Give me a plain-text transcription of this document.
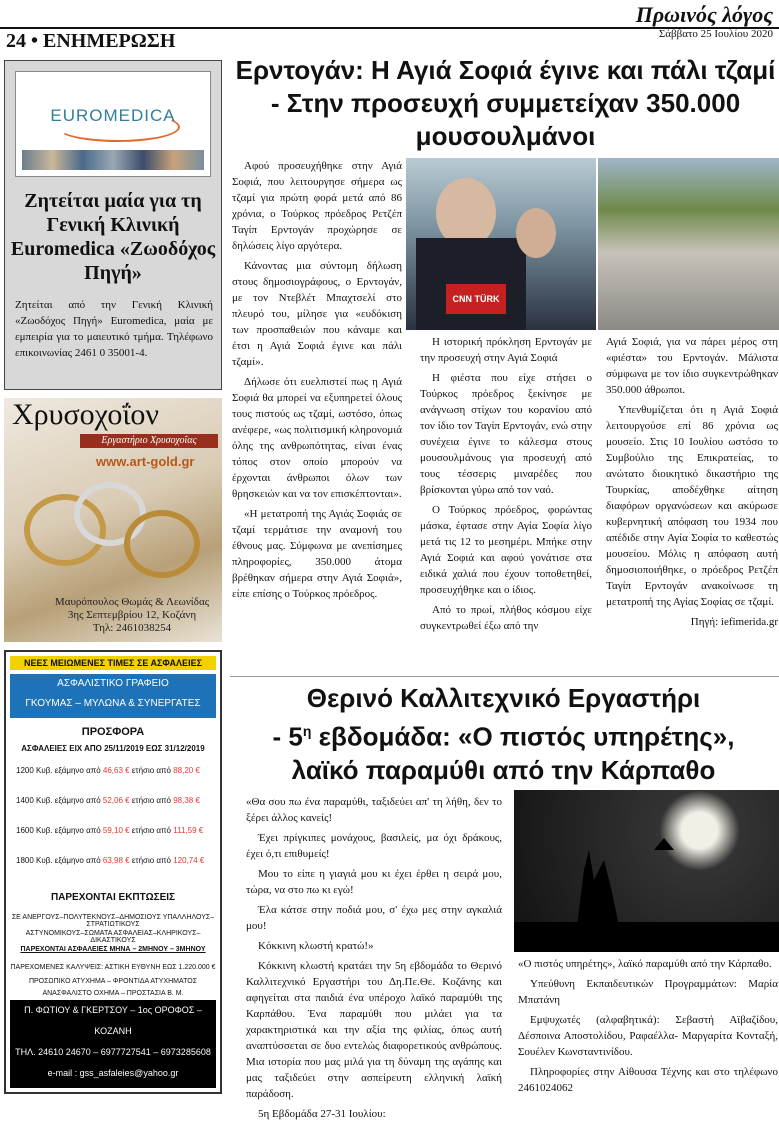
Πρωινός λόγος
Σάββατο 25 Ιουλίου 2020
24 • ΕΝΗΜΕΡΩΣΗ
EUROMEDICA
Ζητείται μαία για τη Γενική Κλινική Euromedica «Ζωοδόχος Πηγή»

Ζητείται από την Γενική Κλινική «Ζωοδόχος Πηγή» Euromedica, μαία με εμπειρία για το μαιευτικό τμήμα. Τηλέφωνο επικοινωνίας 2461 0 35001-4.

Χρυσοχοΐον
Εργαστήριο Χρυσοχοΐας
www.art-gold.gr
Μαυρόπουλος Θωμάς & Λεωνίδας
3ης Σεπτεμβρίου 12, Κοζάνη
Τηλ: 2461038254
ΝΕΕΣ ΜΕΙΩΜΕΝΕΣ ΤΙΜΕΣ ΣΕ ΑΣΦΑΛΕΙΕΣ
ΑΣΦΑΛΙΣΤΙΚΟ ΓΡΑΦΕΙΟ
ΓΚΟΥΜΑΣ – ΜΥΛΩΝΑ & ΣΥΝΕΡΓΑΤΕΣ
ΠΡΟΣΦΟΡΑ
ΑΣΦΑΛΕΙΕΣ ΕΙΧ ΑΠΟ 25/11/2019 ΕΩΣ 31/12/2019
1200 Κυβ. εξάμηνο από 46,63 € ετήσιο από 88,20 €
1400 Κυβ. εξάμηνο από 52,06 € ετήσιο από 98,38 €
1600 Κυβ. εξάμηνο από 59,10 € ετήσιο από 111,59 €
1800 Κυβ. εξάμηνο από 63,98 € ετήσιο από 120,74 €
ΠΑΡΕΧΟΝΤΑΙ ΕΚΠΤΩΣΕΙΣ
ΣΕ ΑΝΕΡΓΟΥΣ–ΠΟΛΥΤΕΚΝΟΥΣ–ΔΗΜΟΣΙΟΥΣ ΥΠΑΛΛΗΛΟΥΣ–ΣΤΡΑΤΙΩΤΙΚΟΥΣ
ΑΣΤΥΝΟΜΙΚΟΥΣ–ΣΩΜΑΤΑ ΑΣΦΑΛΕΙΑΣ–ΚΛΗΡΙΚΟΥΣ–ΔΙΚΑΣΤΙΚΟΥΣ
ΠΑΡΕΧΟΝΤΑΙ ΑΣΦΑΛΕΙΕΣ ΜΗΝΑ – 2ΜΗΝΟΥ – 3ΜΗΝΟΥ
ΠΑΡΕΧΟΜΕΝΕΣ ΚΑΛΥΨΕΙΣ: ΑΣΤΙΚΗ ΕΥΘΥΝΗ ΕΩΣ 1.220.000 €
ΠΡΟΣΩΠΙΚΟ ΑΤΥΧΗΜΑ – ΦΡΟΝΤΙΔΑ ΑΤΥΧΗΜΑΤΟΣ
ΑΝΑΣΦΑΛΙΣΤΟ ΟΧΗΜΑ – ΠΡΟΣΤΑΣΙΑ Β. Μ.
Π. ΦΩΤΙΟΥ & ΓΚΕΡΤΣΟΥ – 1ος ΟΡΟΦΟΣ – ΚΟΖΑΝΗ
ΤΗΛ. 24610 24670 – 6977727541 – 6973285608
e-mail : gss_asfaleies@yahoo.gr
Ερντογάν: Η Αγιά Σοφιά έγινε και πάλι τζαμί - Στην προσευχή συμμετείχαν 350.000 μουσουλμάνοι

Αφού προσευχήθηκε στην Αγιά Σοφιά, που λειτουργησε σήμερα ως τζαμί για πρώτη φορά μετά από 86 χρόνια, ο Τούρκος πρόεδρος Ρετζέπ Ταγίπ Ερντογάν προχώρησε σε δηλώσεις λίγο αργότερα.

Κάνοντας μια σύντομη δήλωση στους δημοσιογράφους, ο Ερντογάν, με τον Ντεβλέτ Μπαχτσελί στο πλευρό του, μίλησε για «ευδόκιση των προσπαθειών που κάναμε και έτσι η Αγιά Σοφιά έγινε και πάλι τζαμί».

Δήλωσε ότι ευελπιστεί πως η Αγιά Σοφιά θα μπορεί να εξυπηρετεί όλους τους πιστούς ως τζαμί, ωστόσο, όπως ανέφερε, «ως πολιτισμική κληρονομιά όλης της ανθρωπότητας, είναι ένας τόπος στον οποίο μπορούν να έρχονται άνθρωποι όλων των θρησκειών και να τον επισκέπτονται».

«Η μετατροπή της Αγιάς Σοφιάς σε τζαμί τερμάτισε την αναμονή του έθνους μας. Σύμφωνα με ανεπίσημες πληροφορίες, 350.000 άτομα βρέθηκαν σήμερα στην Αγιά Σοφιά», είπε επίσης ο Τούρκος πρόεδρος.

CNN TÜRK

Η ιστορική πρόκληση Ερντογάν με την προσευχή στην Αγιά Σοφιά

Η φιέστα που είχε στήσει ο Τούρκος πρόεδρος ξεκίνησε με ανάγνωση στίχων του κορανίου από τον ίδιο τον Ταγίπ Ερντογάν, ενώ στην συνέχεια έγινε το κάλεσμα στους μουσουλμάνους για προσευχή από τους τέσσερις μιναρέδες που βρίσκονται γύρω από τον ναό.

Ο Τούρκος πρόεδρος, φορώντας μάσκα, έφτασε στην Αγία Σοφία λίγο μετά τις 12 το μεσημέρι. Μπήκε στην Αγιά Σοφιά και αφού γονάτισε στα ειδικά χαλιά που έχουν τοποθετηθεί, προσευχήθηκε και ο ίδιος.

Από το πρωί, πλήθος κόσμου είχε συγκεντρωθεί έξω από την

Αγιά Σοφιά, για να πάρει μέρος στη «φιέστα» του Ερντογάν. Μάλιστα σύμφωνα με τον ίδιο συγκεντρώθηκαν 350.000 άθρωποι.

Υπενθυμίζεται ότι η Αγιά Σοφιά λειτουργούσε επί 86 χρόνια ως μουσείο. Στις 10 Ιουλίου ωστόσο το Συμβούλιο της Επικρατείας, το ανώτατο διοικητικό δικαστήριο της Τουρκίας, αποδέχθηκε αίτηση διαφόρων οργανώσεων και ακύρωσε κυβερνητική απόφαση του 1934 που απέδιδε στην Αγία Σοφία το καθεστώς μουσείου. Μόλις η απόφαση αυτή δημοσιοποιήθηκε, ο πρόεδρος Ρετζέπ Ταγίπ Ερντογάν ανακοίνωσε τη μετατροπή της Αγίας Σοφίας σε τζαμί.

Πηγή: iefimerida.gr

Θερινό Καλλιτεχνικό Εργαστήρι
- $5^\eta$ εβδομάδα: «Ο πιστός υπηρέτης»,
λαϊκό παραμύθι από την Κάρπαθο

«Θα σου πω ένα παραμύθι, ταξιδεύει απ' τη λήθη, δεν το ξέρει άλλος κανείς!

Έχει πρίγκιπες μονάχους, βασιλείς, μα όχι δράκους, έχει ό,τι επιθυμείς!

Μου το είπε η γιαγιά μου κι έχει έρθει η σειρά μου, τώρα, να στο πω κι εγώ!

Έλα κάτσε στην ποδιά μου, σ' έχω μες στην αγκαλιά μου!

Κόκκινη κλωστή κρατώ!»

Κόκκινη κλωστή κρατάει την 5η εβδομάδα το Θερινό Καλλιτεχνικό Εργαστήρι του Δη.Πε.Θε. Κοζάνης και αφηγείται στα παιδιά ένα υπέροχο λαϊκό παραμύθι της Καρπάθου. Ένα παραμύθι που μιλάει για τα χαρακτηριστικά και την αξία της φιλίας, όπως αυτή αναπτύσσεται σε δυο εντελώς διαφορετικούς ανθρώπους. Μια ιστορία που μας μιλά για τη δύναμη της αγάπης και μας ταξιδεύει στην ασπείρευτη ελληνική λαϊκή παράδοση.

5η Εβδομάδα 27-31 Ιουλίου:

«Ο πιστός υπηρέτης», λαϊκό παραμύθι από την Κάρπαθο.

Υπεύθυνη Εκπαιδευτικών Προγραμμάτων: Μαρία Μπατάνη

Εμψυχωτές (αλφαβητικά): Σεβαστή Αϊβαζίδου, Δέσποινα Αποστολίδου, Ραφαέλλα- Μαργαρίτα Κονταξή, Σουέλεν Κωνσταντινίδου.

Πληροφορίες στην Αίθουσα Τέχνης και στο τηλέφωνο 2461024062
